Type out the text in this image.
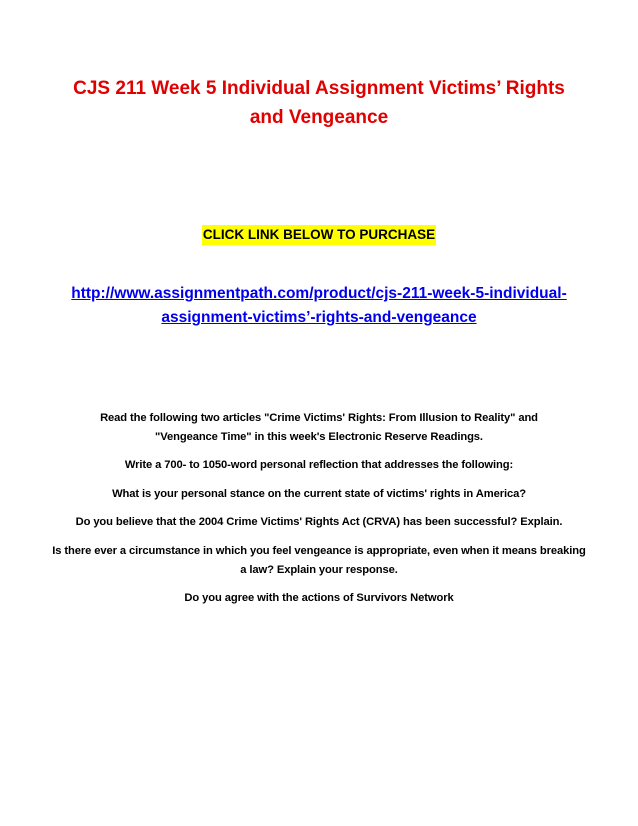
CJS 211 Week 5 Individual Assignment Victims’ Rights and Vengeance
CLICK LINK BELOW TO PURCHASE
http://www.assignmentpath.com/product/cjs-211-week-5-individual-assignment-victims’-rights-and-vengeance

Read the following two articles "Crime Victims' Rights: From Illusion to Reality" and "Vengeance Time" in this week's Electronic Reserve Readings.

Write a 700- to 1050-word personal reflection that addresses the following:

What is your personal stance on the current state of victims' rights in America?

Do you believe that the 2004 Crime Victims' Rights Act (CRVA) has been successful? Explain.

Is there ever a circumstance in which you feel vengeance is appropriate, even when it means breaking a law? Explain your response.

Do you agree with the actions of Survivors Network
